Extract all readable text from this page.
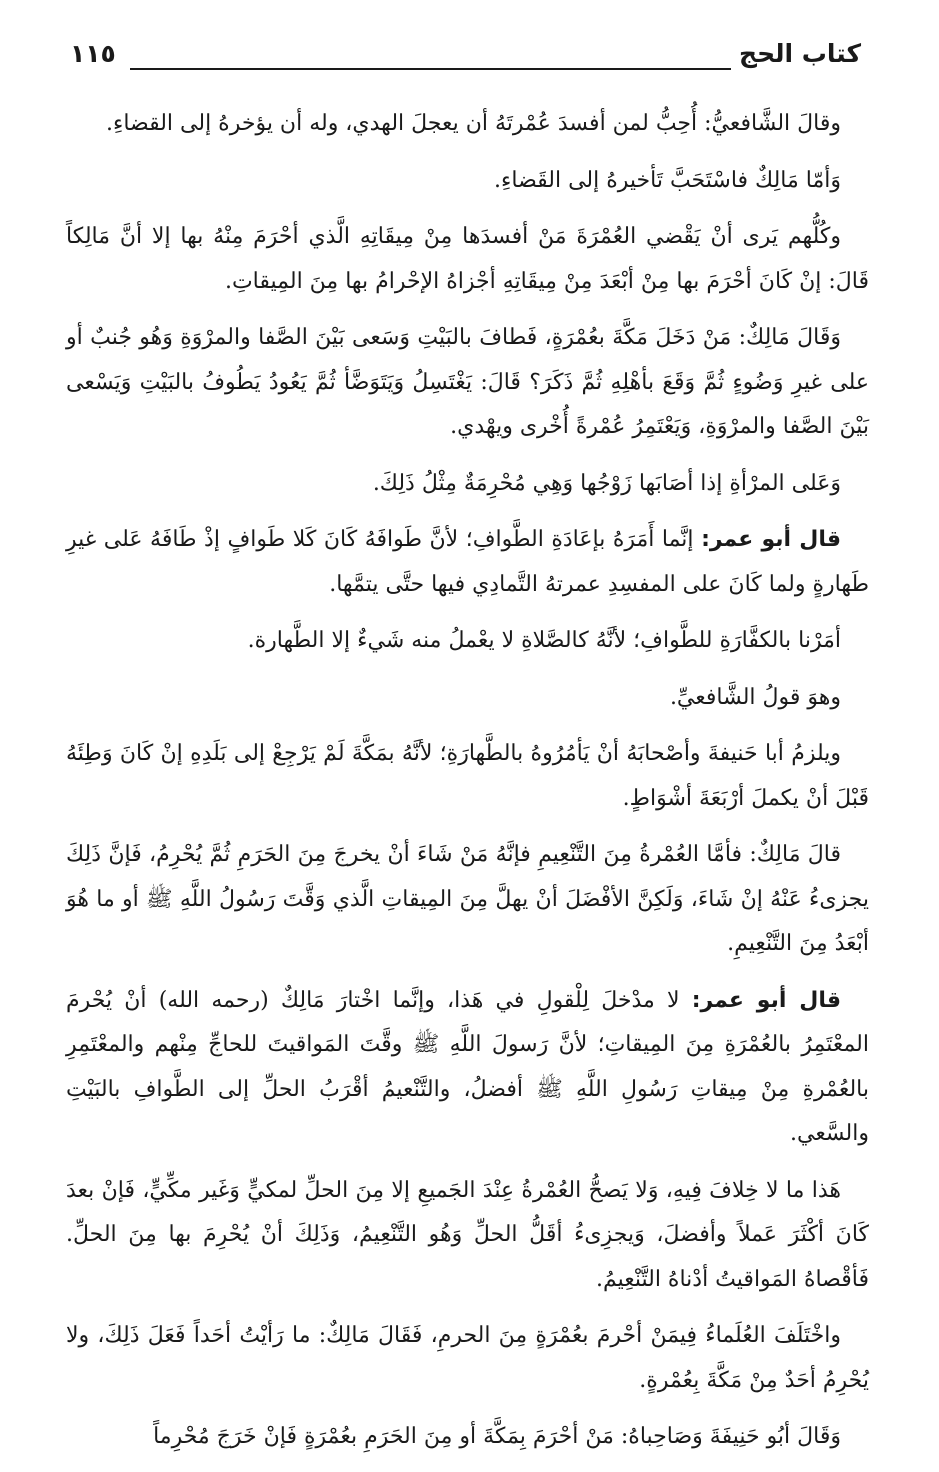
كتاب الحج
١١٥

وقالَ الشَّافعيُّ: أُحِبُّ لمن أفسدَ عُمْرتَهُ أن يعجلَ الهدي، وله أن يؤخرهُ إلى القضاءِ.

وَأمّا مَالِكٌ فاسْتَحَبَّ تَأخيرهُ إلى القَضاءِ.

وكُلُّهم يَرى أنْ يَقْضي العُمْرَةَ مَنْ أفسدَها مِنْ مِيقَاتِهِ الَّذي أحْرَمَ مِنْهُ بها إلا أنَّ مَالِكاً قَالَ: إنْ كَانَ أحْرَمَ بها مِنْ أبْعَدَ مِنْ مِيقَاتِهِ أجْزاهُ الإحْرامُ بها مِنَ المِيقاتِ.

وَقَالَ مَالِكٌ: مَنْ دَخَلَ مَكَّةَ بعُمْرَةٍ، فَطافَ بالبَيْتِ وَسَعى بَيْنَ الصَّفا والمرْوَةِ وَهُو جُنبٌ أو على غيرِ وَضُوءٍ ثُمَّ وَقَعَ بأهْلِهِ ثُمَّ ذَكَرَ؟ قَالَ: يَغْتَسِلُ وَيَتَوَضَّأ ثُمَّ يَعُودُ يَطُوفُ بالبَيْتِ وَيَسْعى بَيْنَ الصَّفا والمرْوَةِ، وَيَعْتَمِرُ عُمْرةً أُخْرى ويهْدي.

وَعَلى المرْأةِ إذا أصَابَها زَوْجُها وَهِي مُحْرِمَةٌ مِثْلُ ذَلِكَ.

قال أبو عمر: إنَّما أَمَرَهُ بإعَادَةِ الطَّوافِ؛ لأنَّ طَوافَهُ كَانَ كَلا طَوافٍ إذْ طَافَهُ عَلى غيرِ طَهارةٍ ولما كَانَ على المفسِدِ عمرتهُ التَّمادِي فيها حتَّى يتمَّها.

أمَرْنا بالكفَّارَةِ للطَّوافِ؛ لأنَّهُ كالصَّلاةِ لا يعْملُ منه شَيءٌ إلا الطَّهارة.

وهوَ قولُ الشَّافعيِّ.

ويلزمُ أبا حَنيفةَ وأصْحابَهُ أنْ يَأمُرُوهُ بالطَّهارَةِ؛ لأنَّهُ بمَكَّةَ لَمْ يَرْجِعْ إلى بَلَدِهِ إنْ كَانَ وَطِئَهُ قَبْلَ أنْ يكملَ أرْبَعَةَ أشْوَاطٍ.

قالَ مَالِكٌ: فأمَّا العُمْرةُ مِنَ التَّنْعِيمِ فإنَّهُ مَنْ شَاءَ أنْ يخرجَ مِنَ الحَرَمِ ثُمَّ يُحْرِمُ، فَإنَّ ذَلِكَ يجزىءُ عَنْهُ إنْ شَاءَ، وَلَكِنَّ الأفْضَلَ أنْ يهلَّ مِنَ المِيقاتِ الَّذي وَقَّتَ رَسُولُ اللَّهِ ﷺ أو ما هُوَ أبْعَدُ مِنَ التَّنْعِيمِ.

قال أبو عمر: لا مدْخلَ لِلْقولِ في هَذا، وإنَّما اخْتارَ مَالِكٌ (رحمه الله) أنْ يُحْرمَ المعْتَمِرُ بالعُمْرَةِ مِنَ المِيقاتِ؛ لأنَّ رَسولَ اللَّهِ ﷺ وقَّتَ المَواقيتَ للحاجِّ مِنْهم والمعْتَمِرِ بالعُمْرةِ مِنْ مِيقاتِ رَسُولِ اللَّهِ ﷺ أفضلُ، والتَّنْعيمُ أقْرَبُ الحلِّ إلى الطَّوافِ بالبَيْتِ والسَّعي.

هَذا ما لا خِلافَ فِيهِ، وَلا يَصحُّ العُمْرةُ عِنْدَ الجَميعِ إلا مِنَ الحلِّ لمكيٍّ وَغَير مكِّيٍّ، فَإنْ بعدَ كَانَ أكْثَرَ عَملاً وأفضلَ، وَيجزِىءُ أقَلُّ الحلِّ وَهُو التَّنْعِيمُ، وَذَلِكَ أنْ يُحْرِمَ بها مِنَ الحلِّ. فَأقْصاهُ المَواقيتُ أدْناهُ التَّنْعِيمُ.

واخْتَلَفَ العُلَماءُ فِيمَنْ أحْرمَ بعُمْرَةٍ مِنَ الحرمِ، فَقَالَ مَالِكٌ: ما رَأيْتُ أحَداً فَعَلَ ذَلِكَ، ولا يُحْرِمُ أحَدٌ مِنْ مَكَّةَ بِعُمْرةٍ.

وَقَالَ أبُو حَنِيفَةَ وَصَاحِباهُ: مَنْ أحْرَمَ بِمَكَّةَ أو مِنَ الحَرَمِ بعُمْرَةٍ فَإنْ خَرَجَ مُحْرِماً
